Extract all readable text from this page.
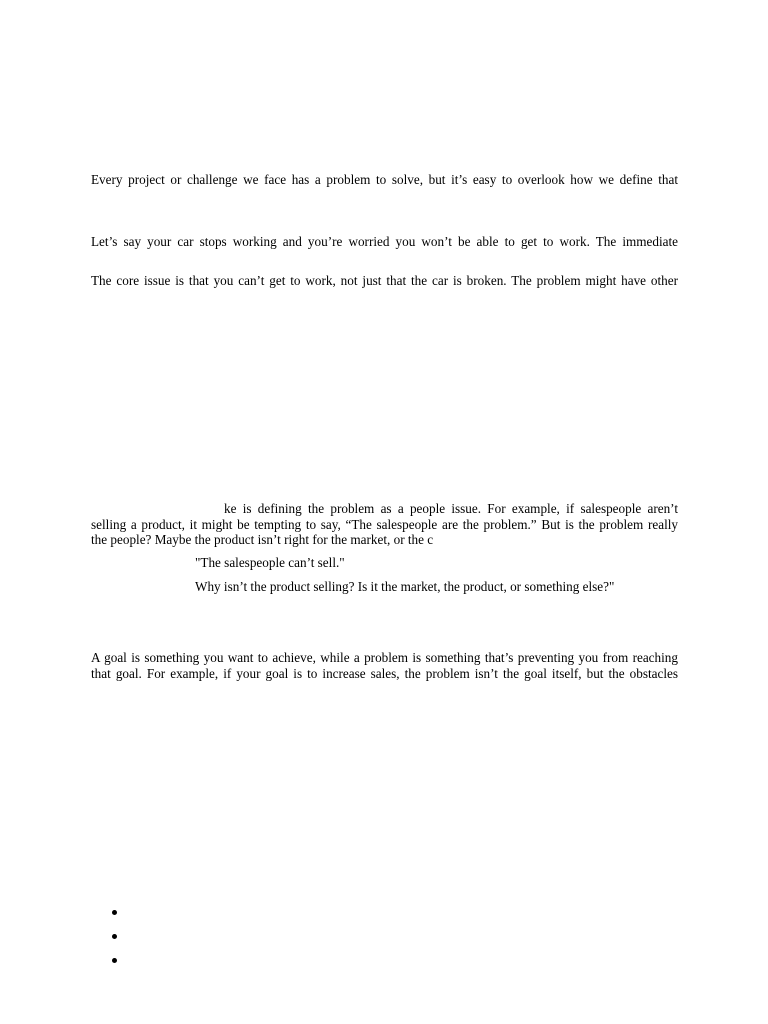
Every project or challenge we face has a problem to solve, but it’s easy to overlook how we define that
Let’s say your car stops working and you’re worried you won’t be able to get to work. The immediate
The core issue is that you can’t get to work, not just that the car is broken. The problem might have other
ke is defining the problem as a people issue. For example, if salespeople aren’t
selling a product, it might be tempting to say, “The salespeople are the problem.” But is the problem really
the people? Maybe the product isn’t right for the market, or the c
"The salespeople can’t sell."
Why isn’t the product selling? Is it the market, the product, or something else?"
A goal is something you want to achieve, while a problem is something that’s preventing you from reaching
that goal. For example, if your goal is to increase sales, the problem isn’t the goal itself, but the obstacles
